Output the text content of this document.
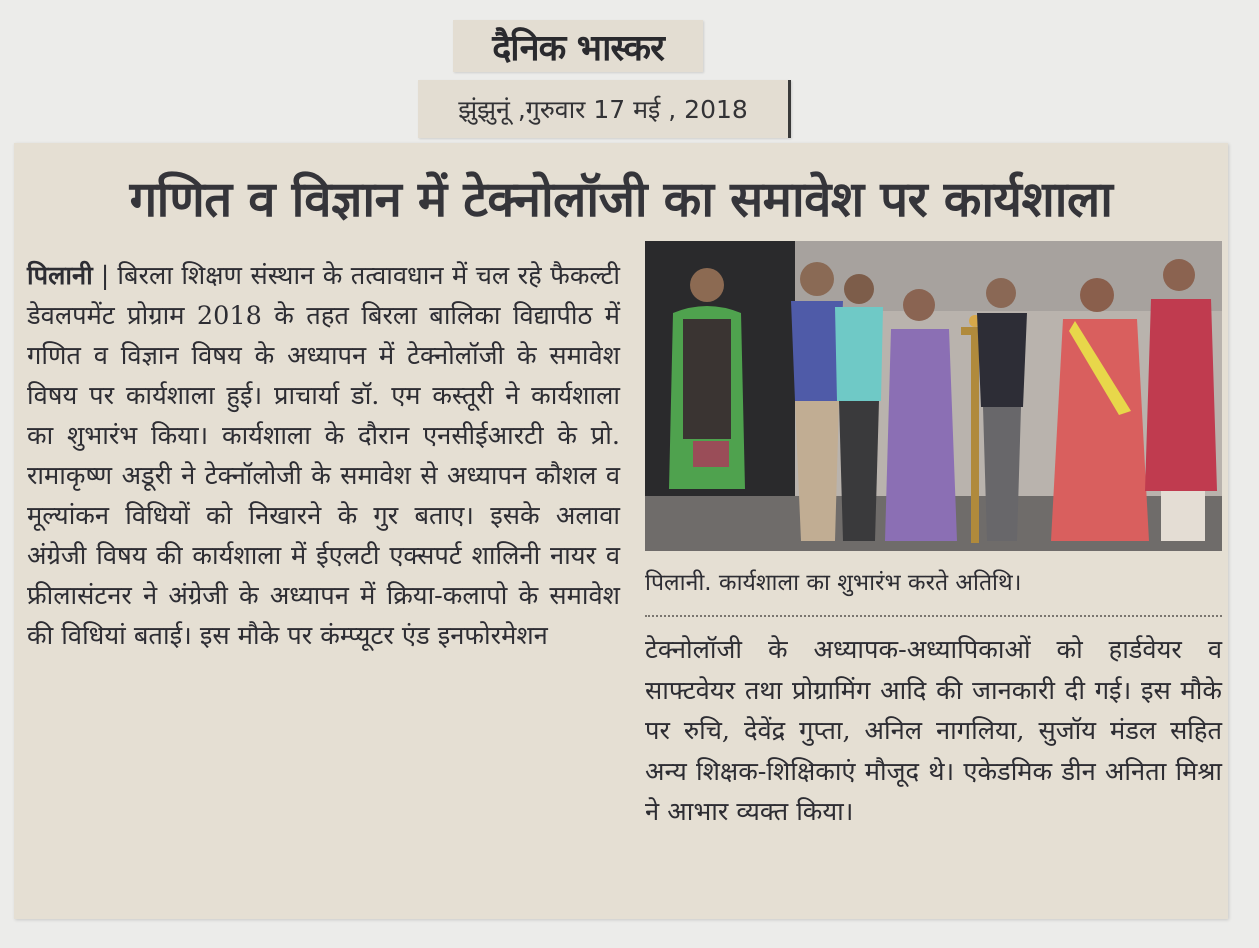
दैनिक भास्कर
झुंझुनूं ,गुरुवार 17 मई , 2018
गणित व विज्ञान में टेक्नोलॉजी का समावेश पर कार्यशाला
पिलानी | बिरला शिक्षण संस्थान के तत्वावधान में चल रहे फैकल्टी डेवलपमेंट प्रोग्राम 2018 के तहत बिरला बालिका विद्यापीठ में गणित व विज्ञान विषय के अध्यापन में टेक्नोलॉजी के समावेश विषय पर कार्यशाला हुई। प्राचार्या डॉ. एम कस्तूरी ने कार्यशाला का शुभारंभ किया। कार्यशाला के दौरान एनसीईआरटी के प्रो. रामाकृष्ण अडूरी ने टेक्नॉलोजी के समावेश से अध्यापन कौशल व मूल्यांकन विधियों को निखारने के गुर बताए। इसके अलावा अंग्रेजी विषय की कार्यशाला में ईएलटी एक्सपर्ट शालिनी नायर व फ्रीलासंटनर ने अंग्रेजी के अध्यापन में क्रिया-कलापो के समावेश की विधियां बताई। इस मौके पर कंम्प्यूटर एंड इनफोरमेशन
पिलानी. कार्यशाला का शुभारंभ करते अतिथि।
टेक्नोलॉजी के अध्यापक-अध्यापिकाओं को हार्डवेयर व साफ्टवेयर तथा प्रोग्रामिंग आदि की जानकारी दी गई। इस मौके पर रुचि, देवेंद्र गुप्ता, अनिल नागलिया, सुजॉय मंडल सहित अन्य शिक्षक-शिक्षिकाएं मौजूद थे। एकेडमिक डीन अनिता मिश्रा ने आभार व्यक्त किया।
